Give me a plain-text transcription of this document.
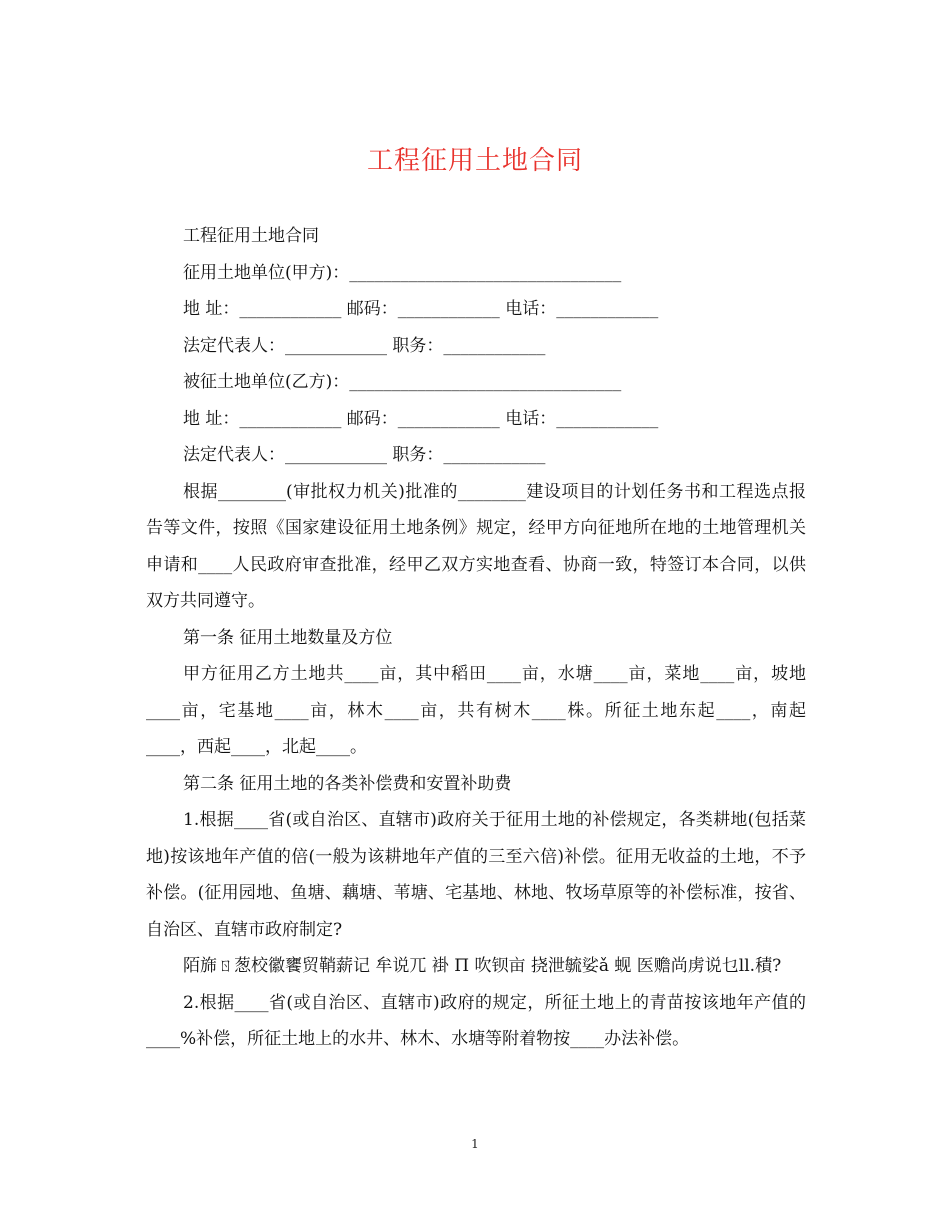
工程征用土地合同

工程征用土地合同

征用土地单位(甲方)：________________________________

地 址：____________ 邮码：____________ 电话：____________

法定代表人：____________ 职务：____________

被征土地单位(乙方)：________________________________

地 址：____________ 邮码：____________ 电话：____________

法定代表人：____________ 职务：____________

根据________(审批权力机关)批准的________建设项目的计划任务书和工程选点报告等文件，按照《国家建设征用土地条例》规定，经甲方向征地所在地的土地管理机关申请和____人民政府审查批准，经甲乙双方实地查看、协商一致，特签订本合同，以供双方共同遵守。

第一条 征用土地数量及方位

甲方征用乙方土地共____亩，其中稻田____亩，水塘____亩，菜地____亩，坡地____亩，宅基地____亩，林木____亩，共有树木____株。所征土地东起____，南起____，西起____，北起____。

第二条 征用土地的各类补偿费和安置补助费

1.根据____省(或自治区、直辖市)政府关于征用土地的补偿规定，各类耕地(包括菜地)按该地年产值的倍(一般为该耕地年产值的三至六倍)补偿。征用无收益的土地，不予补偿。(征用园地、鱼塘、藕塘、苇塘、宅基地、林地、牧场草原等的补偿标准，按省、自治区、直辖市政府制定?

陌旆ㄖ葱校徽饔贸鞘薪记 牟说兀 褂 Π 吹钡亩 挠泄毓娑ǎ 蚬 医赡尚虏说乜ll.積?

2.根据____省(或自治区、直辖市)政府的规定，所征土地上的青苗按该地年产值的____%补偿，所征土地上的水井、林木、水塘等附着物按____办法补偿。

1
